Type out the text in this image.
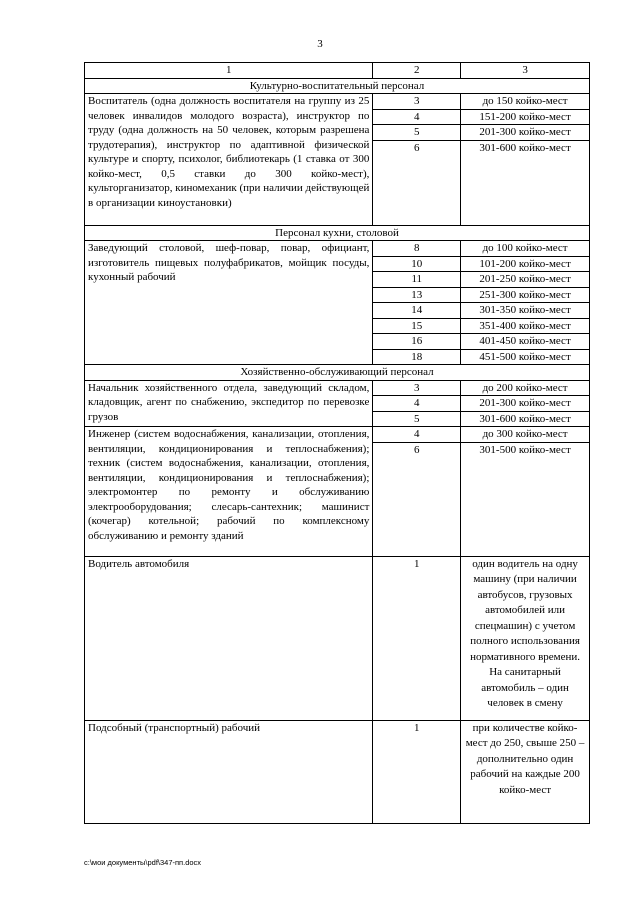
3
1	2	3
Культурно-воспитательный персонал		
Воспитатель (одна должность воспитателя на группу из 25 человек инвалидов молодого возраста), инструктор по труду (одна должность на 50 человек, которым разрешена трудотерапия), инструктор по адаптивной физической культуре и спорту, психолог, библиотекарь (1 ставка от 300 койко-мест, 0,5 ставки до 300 койко-мест), культорганизатор, киномеханик (при наличии действующей в организации киноустановки)	3	до 150 койко-мест
	4	151-200 койко-мест
	5	201-300 койко-мест
	6	301-600 койко-мест
Персонал кухни, столовой		
Заведующий столовой, шеф-повар, повар, официант, изготовитель пищевых полуфабрикатов, мойщик посуды, кухонный рабочий	8	до 100 койко-мест
	10	101-200 койко-мест
	11	201-250 койко-мест
	13	251-300 койко-мест
	14	301-350 койко-мест
	15	351-400 койко-мест
	16	401-450 койко-мест
	18	451-500 койко-мест
Хозяйственно-обслуживающий персонал		
Начальник хозяйственного отдела, заведующий складом, кладовщик, агент по снабжению, экспедитор по перевозке грузов	3	до 200 койко-мест
	4	201-300 койко-мест
	5	301-600 койко-мест
Инженер (систем водоснабжения, канализации, отопления, вентиляции, кондиционирования и теплоснабжения); техник (систем водоснабжения, канализации, отопления, вентиляции, кондиционирования и теплоснабжения); электромонтер по ремонту и обслуживанию электрооборудования; слесарь-сантехник; машинист (кочегар) котельной; рабочий по комплексному обслуживанию и ремонту зданий	4	до 300 койко-мест
	6	301-500 койко-мест
Водитель автомобиля	1	один водитель на одну машину (при наличии автобусов, грузовых автомобилей или спецмашин) с учетом полного использования нормативного времени. На санитарный автомобиль – один человек в смену
Подсобный (транспортный) рабочий	1	при количестве койко-мест до 250, свыше 250 – дополнительно один рабочий на каждые 200 койко-мест
c:\мои документы\pdf\347-пп.docx
